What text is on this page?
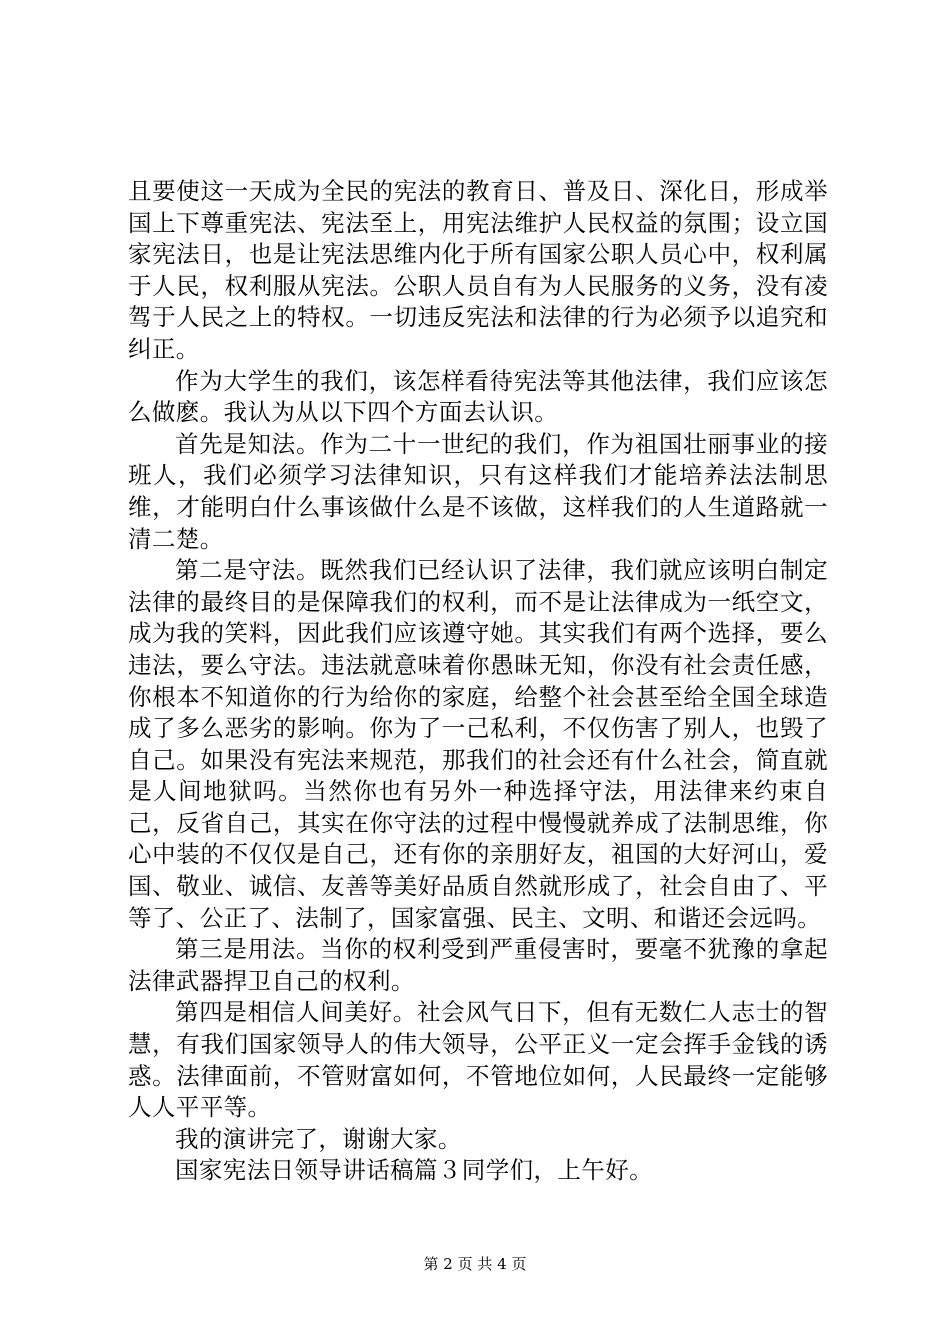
且要使这一天成为全民的宪法的教育日、普及日、深化日，形成举国上下尊重宪法、宪法至上，用宪法维护人民权益的氛围；设立国家宪法日，也是让宪法思维内化于所有国家公职人员心中，权利属于人民，权利服从宪法。公职人员自有为人民服务的义务，没有凌驾于人民之上的特权。一切违反宪法和法律的行为必须予以追究和纠正。

作为大学生的我们，该怎样看待宪法等其他法律，我们应该怎么做麽。我认为从以下四个方面去认识。

首先是知法。作为二十一世纪的我们，作为祖国壮丽事业的接班人，我们必须学习法律知识，只有这样我们才能培养法法制思维，才能明白什么事该做什么是不该做，这样我们的人生道路就一清二楚。

第二是守法。既然我们已经认识了法律，我们就应该明白制定法律的最终目的是保障我们的权利，而不是让法律成为一纸空文，成为我的笑料，因此我们应该遵守她。其实我们有两个选择，要么违法，要么守法。违法就意味着你愚昧无知，你没有社会责任感，你根本不知道你的行为给你的家庭，给整个社会甚至给全国全球造成了多么恶劣的影响。你为了一己私利，不仅伤害了别人，也毁了自己。如果没有宪法来规范，那我们的社会还有什么社会，简直就是人间地狱吗。当然你也有另外一种选择守法，用法律来约束自己，反省自己，其实在你守法的过程中慢慢就养成了法制思维，你心中装的不仅仅是自己，还有你的亲朋好友，祖国的大好河山，爱国、敬业、诚信、友善等美好品质自然就形成了，社会自由了、平等了、公正了、法制了，国家富强、民主、文明、和谐还会远吗。

第三是用法。当你的权利受到严重侵害时，要毫不犹豫的拿起法律武器捍卫自己的权利。

第四是相信人间美好。社会风气日下，但有无数仁人志士的智慧，有我们国家领导人的伟大领导，公平正义一定会挥手金钱的诱惑。法律面前，不管财富如何，不管地位如何，人民最终一定能够人人平平等。

我的演讲完了，谢谢大家。

国家宪法日领导讲话稿篇３同学们，上午好。

第 2 页 共 4 页
